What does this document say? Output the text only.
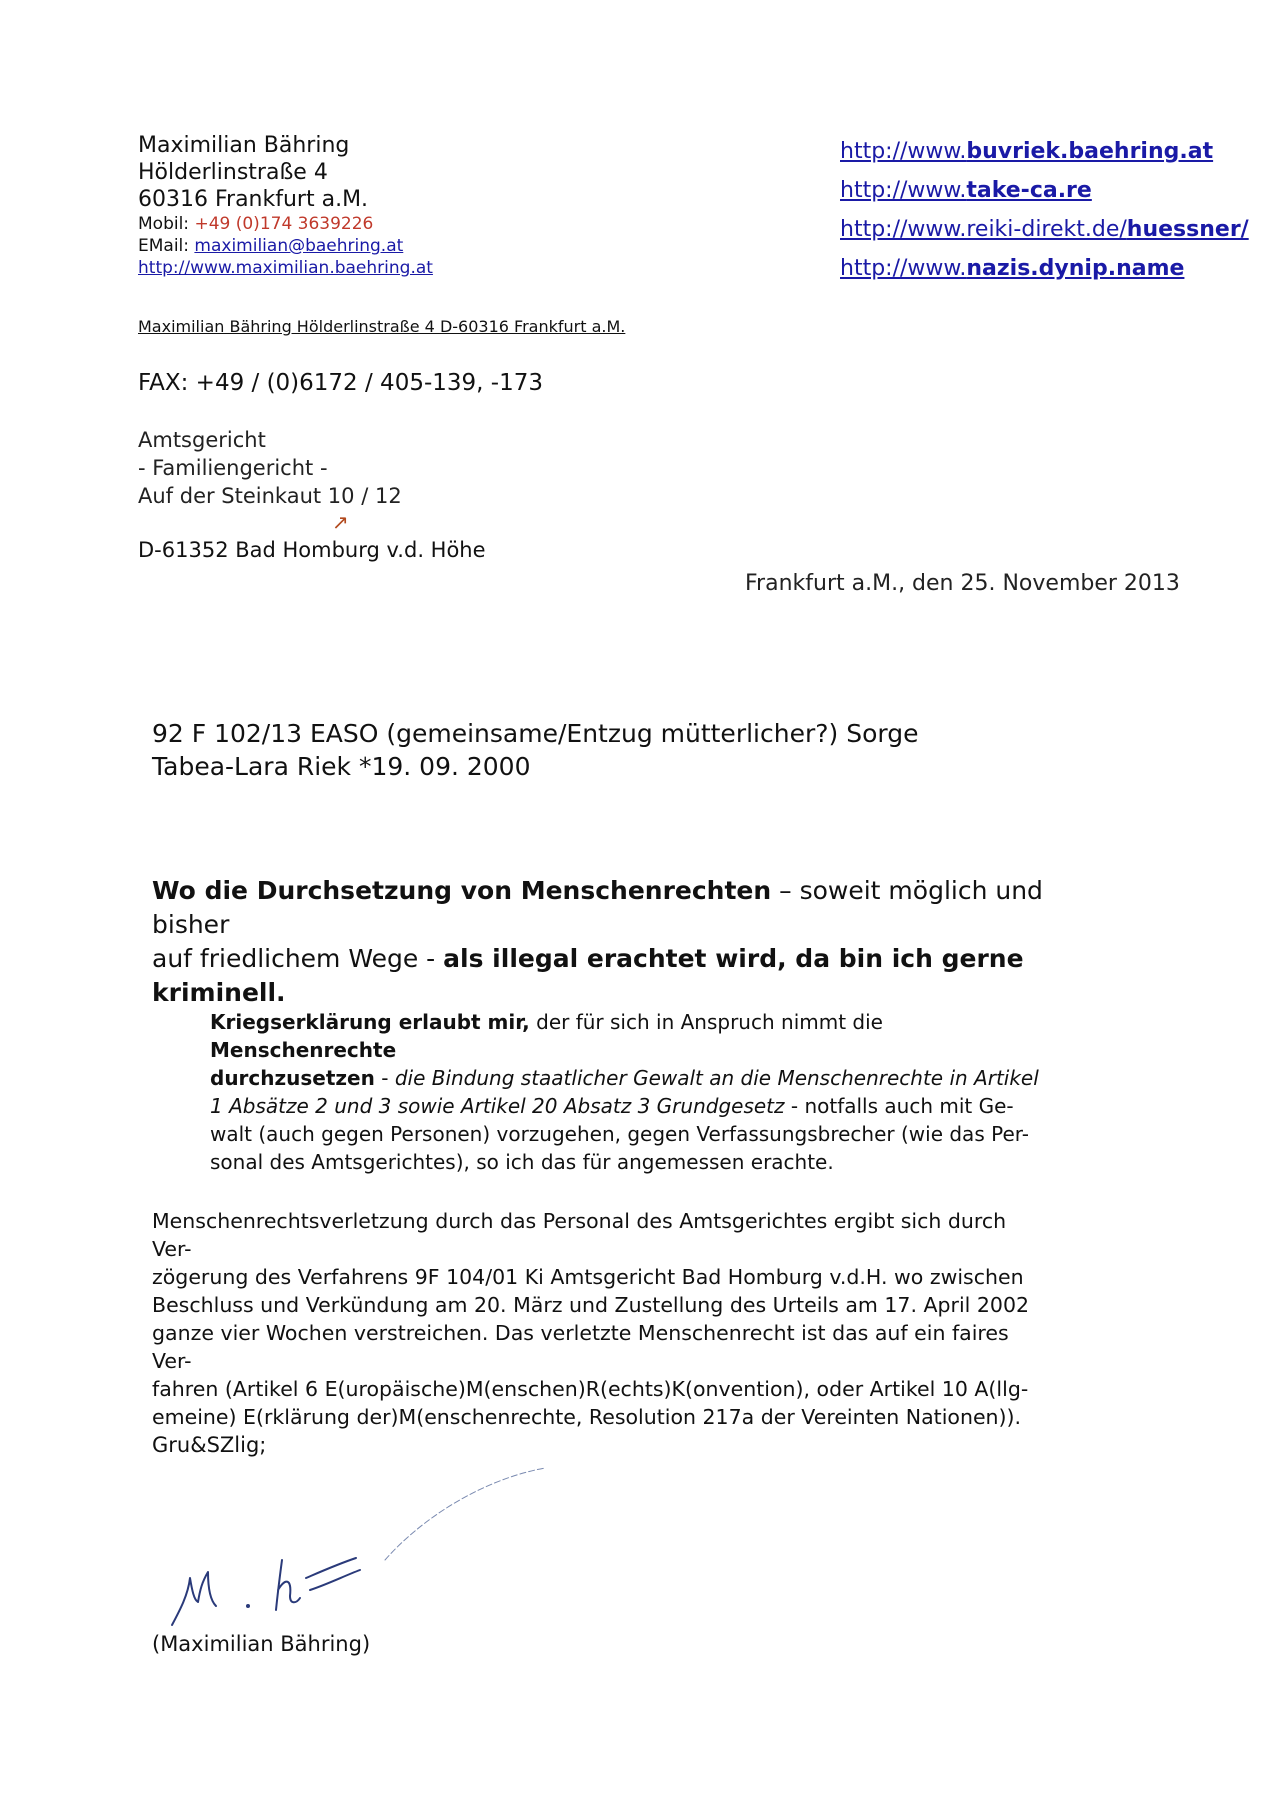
Maximilian Bähring
Hölderlinstraße 4
60316 Frankfurt a.M.
Mobil: +49 (0)174 3639226
EMail: maximilian@baehring.at
http://www.maximilian.baehring.at
http://www.buvriek.baehring.at
http://www.take-ca.re
http://www.reiki-direkt.de/huessner/
http://www.nazis.dynip.name
Maximilian Bähring Hölderlinstraße 4 D-60316 Frankfurt a.M.
FAX: +49 / (0)6172 / 405-139, -173
Amtsgericht
- Familiengericht -
Auf der Steinkaut 10 / 12
↗
D-61352 Bad Homburg v.d. Höhe
Frankfurt a.M., den 25. November 2013
92 F 102/13 EASO (gemeinsame/Entzug mütterlicher?) Sorge
Tabea-Lara Riek *19. 09. 2000
Wo die Durchsetzung von Menschenrechten – soweit möglich und bisher
auf friedlichem Wege - als illegal erachtet wird, da bin ich gerne kriminell.
Kriegserklärung erlaubt mir, der für sich in Anspruch nimmt die Menschenrechte
durchzusetzen - die Bindung staatlicher Gewalt an die Menschenrechte in Artikel
1 Absätze 2 und 3 sowie Artikel 20 Absatz 3 Grundgesetz - notfalls auch mit Ge-
walt (auch gegen Personen) vorzugehen, gegen Verfassungsbrecher (wie das Per-
sonal des Amtsgerichtes), so ich das für angemessen erachte.
Menschenrechtsverletzung durch das Personal des Amtsgerichtes ergibt sich durch Ver-
zögerung des Verfahrens 9F 104/01 Ki Amtsgericht Bad Homburg v.d.H. wo zwischen
Beschluss und Verkündung am 20. März und Zustellung des Urteils am 17. April 2002
ganze vier Wochen verstreichen. Das verletzte Menschenrecht ist das auf ein faires Ver-
fahren (Artikel 6 E(uropäische)M(enschen)R(echts)K(onvention), oder Artikel 10 A(llg-
emeine) E(rklärung der)M(enschenrechte, Resolution 217a der Vereinten Nationen)).
Gru&SZlig;
(Maximilian Bähring)
